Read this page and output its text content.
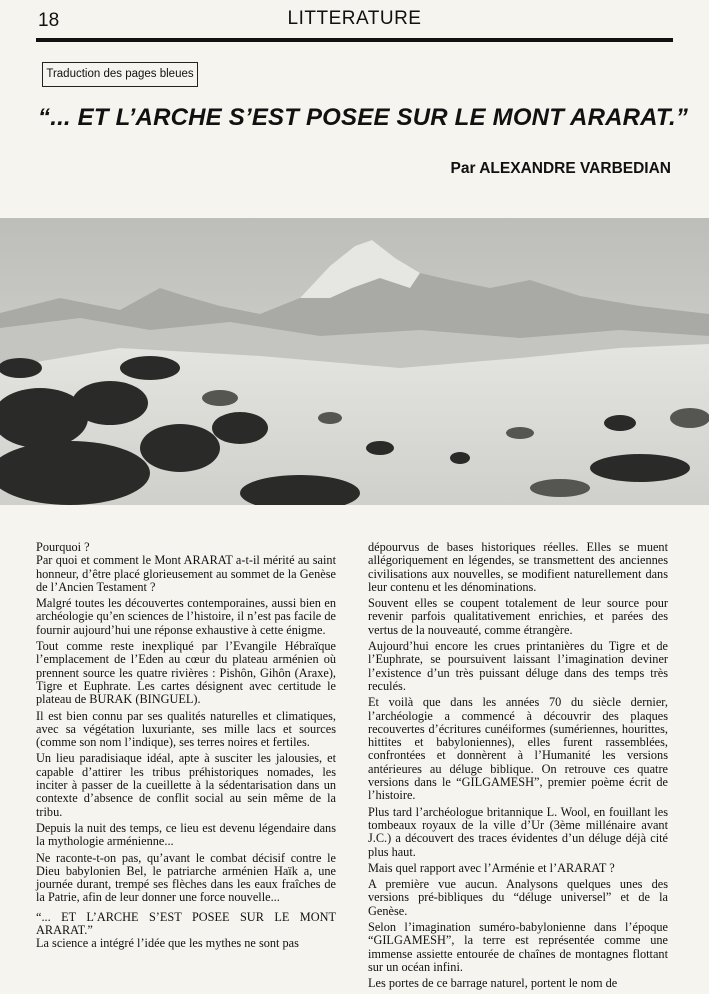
18	LITTERATURE
Traduction des pages bleues
“... ET L’ARCHE S’EST POSEE SUR LE MONT ARARAT.”
Par ALEXANDRE VARBEDIAN

Pourquoi ?
Par quoi et comment le Mont ARARAT a-t-il mérité au saint honneur, d’être placé glorieusement au sommet de la Genèse de l’Ancien Testament ?

Malgré toutes les découvertes contemporaines, aussi bien en archéologie qu’en sciences de l’histoire, il n’est pas facile de fournir aujourd’hui une réponse exhaustive à cette énigme.

Tout comme reste inexpliqué par l’Evangile Hébraïque l’emplacement de l’Eden au cœur du plateau arménien où prennent source les quatre rivières : Pishôn, Gihôn (Araxe), Tigre et Euphrate. Les cartes désignent avec certitude le plateau de BURAK (BINGUEL).

Il est bien connu par ses qualités naturelles et climatiques, avec sa végétation luxuriante, ses mille lacs et sources (comme son nom l’indique), ses terres noires et fertiles.

Un lieu paradisiaque idéal, apte à susciter les jalousies, et capable d’attirer les tribus préhistoriques nomades, les inciter à passer de la cueillette à la sédentarisation dans un contexte d’absence de conflit social au sein même de la tribu.

Depuis la nuit des temps, ce lieu est devenu légendaire dans la mythologie arménienne...

Ne raconte-t-on pas, qu’avant le combat décisif contre le Dieu babylonien Bel, le patriarche arménien Haïk a, une journée durant, trempé ses flèches dans les eaux fraîches de la Patrie, afin de leur donner une force nouvelle...

“... ET L’ARCHE S’EST POSEE SUR LE MONT ARARAT.”
La science a intégré l’idée que les mythes ne sont pas

dépourvus de bases historiques réelles. Elles se muent allégoriquement en légendes, se transmettent des anciennes civilisations aux nouvelles, se modifient naturellement dans leur contenu et les dénominations.

Souvent elles se coupent totalement de leur source pour revenir parfois qualitativement enrichies, et parées des vertus de la nouveauté, comme étrangère.

Aujourd’hui encore les crues printanières du Tigre et de l’Euphrate, se poursuivent laissant l’imagination deviner l’existence d’un très puissant déluge dans des temps très reculés.

Et voilà que dans les années 70 du siècle dernier, l’archéologie a commencé à découvrir des plaques recouvertes d’écritures cunéiformes (sumériennes, hourittes, hittites et babyloniennes), elles furent rassemblées, confrontées et donnèrent à l’Humanité les versions antérieures au déluge biblique. On retrouve ces quatre versions dans le “GILGAMESH”, premier poème écrit de l’histoire.

Plus tard l’archéologue britannique L. Wool, en fouillant les tombeaux royaux de la ville d’Ur (3ème millénaire avant J.C.) a découvert des traces évidentes d’un déluge déjà cité plus haut.

Mais quel rapport avec l’Arménie et l’ARARAT ?

A première vue aucun. Analysons quelques unes des versions pré-bibliques du “déluge universel” et de la Genèse.

Selon l’imagination suméro-babylonienne dans l’époque “GILGAMESH”, la terre est représentée comme une immense assiette entourée de chaînes de montagnes flottant sur un océan infini.

Les portes de ce barrage naturel, portent le nom de
